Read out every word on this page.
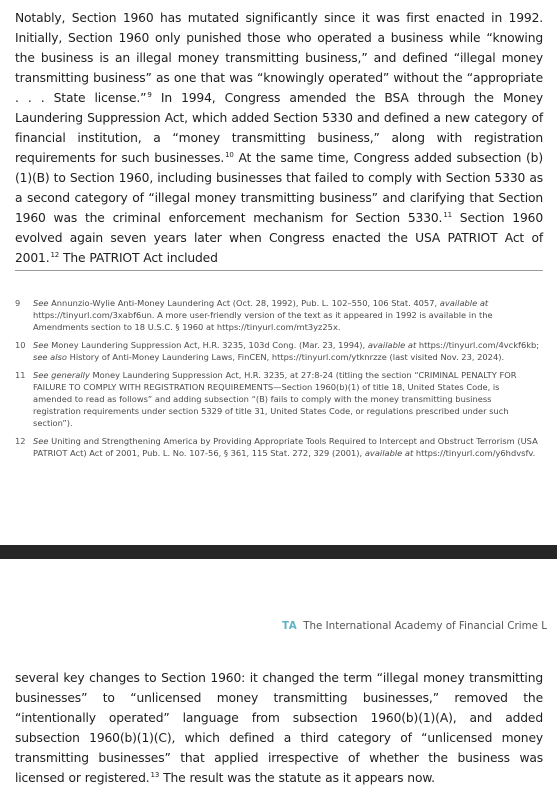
Notably, Section 1960 has mutated significantly since it was first enacted in 1992. Initially, Section 1960 only punished those who operated a business while “knowing the business is an illegal money transmitting business,” and defined “illegal money transmitting business” as one that was “knowingly operated” without the “appropriate . . . State license.”$^9$ In 1994, Congress amended the BSA through the Money Laundering Suppression Act, which added Section 5330 and defined a new category of financial institution, a “money transmitting business,” along with registration requirements for such businesses.$^{10}$ At the same time, Congress added subsection (b)(1)(B) to Section 1960, including businesses that failed to comply with Section 5330 as a second category of “illegal money transmitting business” and clarifying that Section 1960 was the criminal enforcement mechanism for Section 5330.11 Section 1960 evolved again seven years later when Congress enacted the USA PATRIOT Act of 2001.12 The PATRIOT Act included

9 See Annunzio-Wylie Anti-Money Laundering Act (Oct. 28, 1992), Pub. L. 102–550, 106 Stat. 4057, available at https://tinyurl.com/3xabf6un. A more user-friendly version of the text as it appeared in 1992 is available in the Amendments section to 18 U.S.C. § 1960 at https://tinyurl.com/mt3yz25x.
10 See Money Laundering Suppression Act, H.R. 3235, 103d Cong. (Mar. 23, 1994), available at https://tinyurl.com/4vckf6kb; see also History of Anti-Money Laundering Laws, FinCEN, https://tinyurl.com/ytknrzze (last visited Nov. 23, 2024).
11 See generally Money Laundering Suppression Act, H.R. 3235, at 27:8-24 (titling the section “CRIMINAL PENALTY FOR FAILURE TO COMPLY WITH REGISTRATION REQUIREMENTS—Section 1960(b)(1) of title 18, United States Code, is amended to read as follows” and adding subsection “(B) fails to comply with the money transmitting business registration requirements under section 5329 of title 31, United States Code, or regulations prescribed under such section”).
12 See Uniting and Strengthening America by Providing Appropriate Tools Required to Intercept and Obstruct Terrorism (USA PATRIOT Act) Act of 2001, Pub. L. No. 107-56, § 361, 115 Stat. 272, 329 (2001), available at https://tinyurl.com/y6hdvsfv.
TA The International Academy of Financial Crime L

several key changes to Section 1960: it changed the term “illegal money transmitting businesses” to “unlicensed money transmitting businesses,” removed the “intentionally operated” language from subsection 1960(b)(1)(A), and added subsection 1960(b)(1)(C), which defined a third category of “unlicensed money transmitting businesses” that applied irrespective of whether the business was licensed or registered.$^{13}$ The result was the statute as it appears now.
